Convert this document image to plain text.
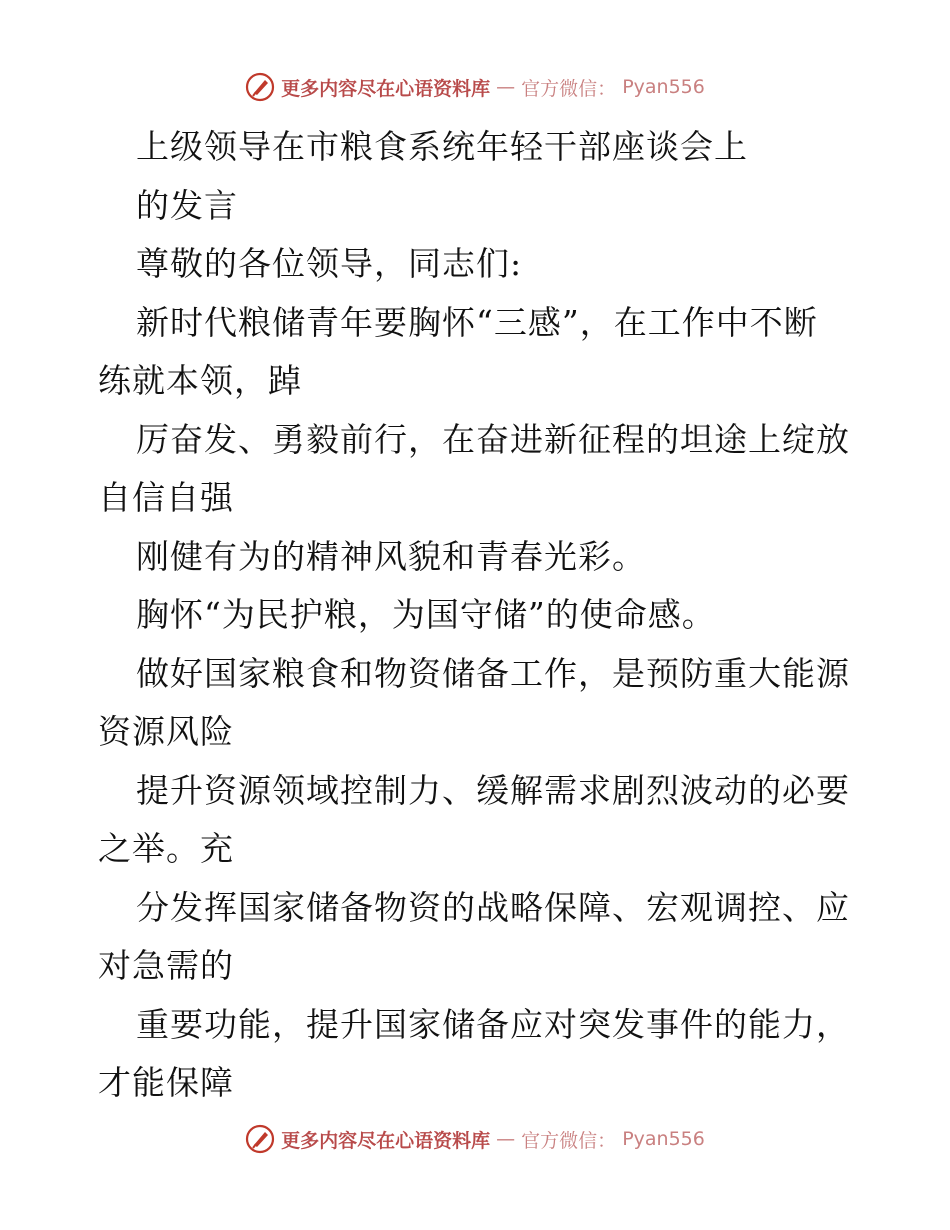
更多内容尽在心语资料库 — 官方微信： Pyan556
上级领导在市粮食系统年轻干部座谈会上
的发言
尊敬的各位领导，同志们:
新时代粮储青年要胸怀“三感”，在工作中不断
练就本领，踔
厉奋发、勇毅前行，在奋进新征程的坦途上绽放
自信自强
刚健有为的精神风貌和青春光彩。
胸怀“为民护粮，为国守储”的使命感。
做好国家粮食和物资储备工作，是预防重大能源
资源风险
提升资源领域控制力、缓解需求剧烈波动的必要
之举。充
分发挥国家储备物资的战略保障、宏观调控、应
对急需的
重要功能，提升国家储备应对突发事件的能力，
才能保障
更多内容尽在心语资料库 — 官方微信： Pyan556
